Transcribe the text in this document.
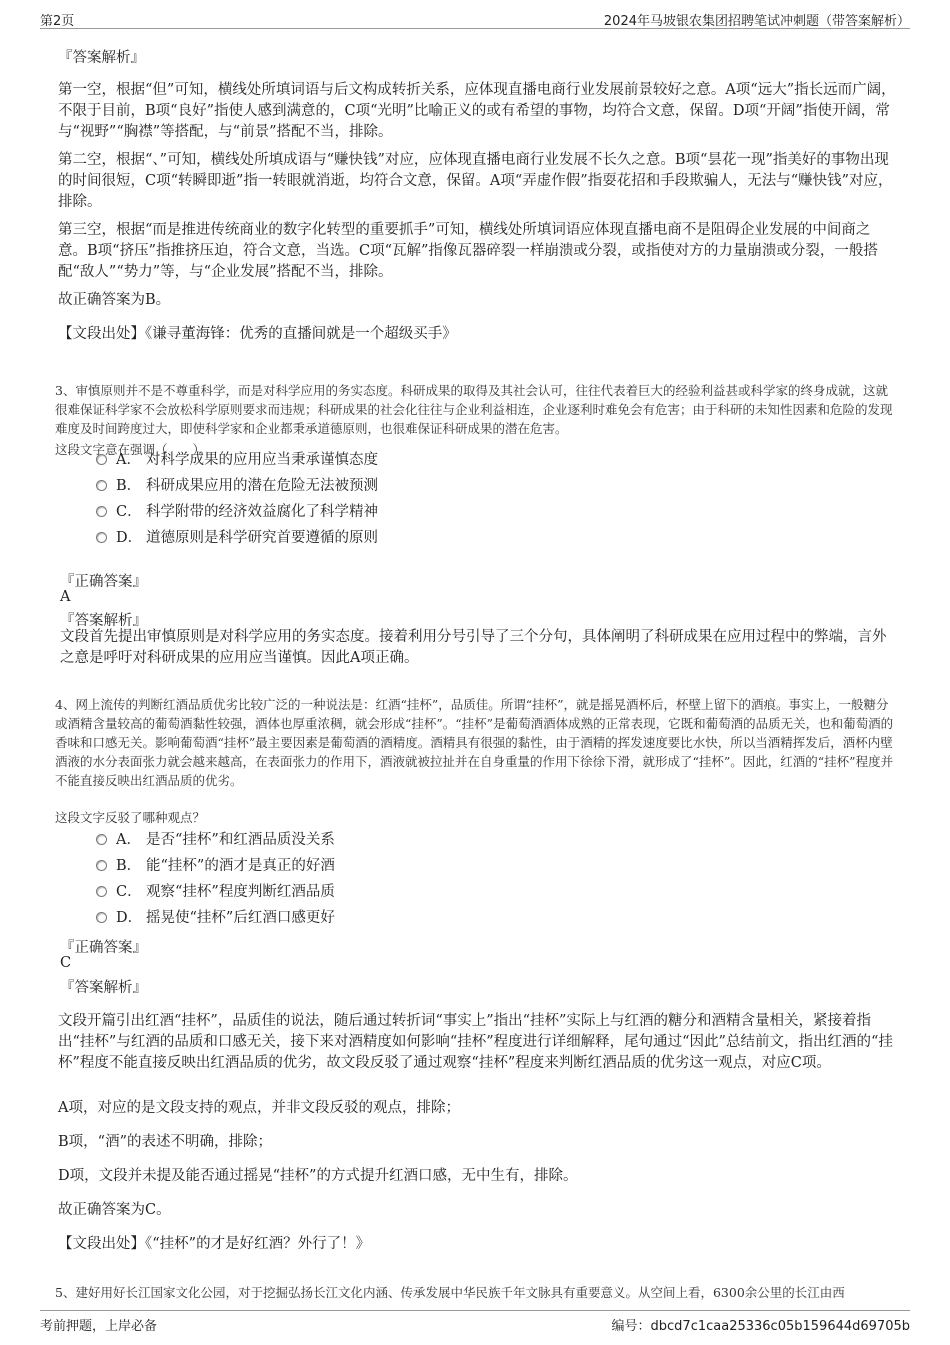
第2页	2024年马坡银农集团招聘笔试冲刺题（带答案解析）
『答案解析』

第一空，根据“但”可知，横线处所填词语与后文构成转折关系，应体现直播电商行业发展前景较好之意。A项“远大”指长远而广阔，不限于目前，B项“良好”指使人感到满意的，C项“光明”比喻正义的或有希望的事物，均符合文意，保留。D项“开阔”指使开阔，常与“视野”“胸襟”等搭配，与“前景”搭配不当，排除。

第二空，根据“、”可知，横线处所填成语与“赚快钱”对应，应体现直播电商行业发展不长久之意。B项“昙花一现”指美好的事物出现的时间很短，C项“转瞬即逝”指一转眼就消逝，均符合文意，保留。A项“弄虚作假”指耍花招和手段欺骗人，无法与“赚快钱”对应，排除。

第三空，根据“而是推进传统商业的数字化转型的重要抓手”可知，横线处所填词语应体现直播电商不是阻碍企业发展的中间商之意。B项“挤压”指推挤压迫，符合文意，当选。C项“瓦解”指像瓦器碎裂一样崩溃或分裂，或指使对方的力量崩溃或分裂，一般搭配“敌人”“势力”等，与“企业发展”搭配不当，排除。

故正确答案为B。

【文段出处】《谦寻董海锋：优秀的直播间就是一个超级买手》

3、审慎原则并不是不尊重科学，而是对科学应用的务实态度。科研成果的取得及其社会认可，往往代表着巨大的经验利益甚或科学家的终身成就，这就很难保证科学家不会放松科学原则要求而违规；科研成果的社会化往往与企业利益相连，企业逐利时难免会有危害；由于科研的未知性因素和危险的发现难度及时间跨度过大，即使科学家和企业都秉承道德原则，也很难保证科研成果的潜在危害。

这段文字意在强调（　　）。

A． 对科学成果的应用应当秉承谨慎态度
B． 科研成果应用的潜在危险无法被预测
C． 科学附带的经济效益腐化了科学精神
D． 道德原则是科学研究首要遵循的原则
『正确答案』
A
『答案解析』

文段首先提出审慎原则是对科学应用的务实态度。接着利用分号引导了三个分句，具体阐明了科研成果在应用过程中的弊端，言外之意是呼吁对科研成果的应用应当谨慎。因此A项正确。

4、网上流传的判断红酒品质优劣比较广泛的一种说法是：红酒“挂杯”，品质佳。所谓“挂杯”，就是摇晃酒杯后，杯壁上留下的酒痕。事实上，一般糖分或酒精含量较高的葡萄酒黏性较强，酒体也厚重浓稠，就会形成“挂杯”。“挂杯”是葡萄酒酒体成熟的正常表现，它既和葡萄酒的品质无关，也和葡萄酒的香味和口感无关。影响葡萄酒“挂杯”最主要因素是葡萄酒的酒精度。酒精具有很强的黏性，由于酒精的挥发速度要比水快，所以当酒精挥发后，酒杯内壁酒液的水分表面张力就会越来越高，在表面张力的作用下，酒液就被拉扯并在自身重量的作用下徐徐下滑，就形成了“挂杯”。因此，红酒的“挂杯”程度并不能直接反映出红酒品质的优劣。

这段文字反驳了哪种观点？

A． 是否“挂杯”和红酒品质没关系
B． 能“挂杯”的酒才是真正的好酒
C． 观察“挂杯”程度判断红酒品质
D． 摇晃使“挂杯”后红酒口感更好
『正确答案』
C
『答案解析』

文段开篇引出红酒“挂杯”，品质佳的说法，随后通过转折词“事实上”指出“挂杯”实际上与红酒的糖分和酒精含量相关，紧接着指出“挂杯”与红酒的品质和口感无关，接下来对酒精度如何影响“挂杯”程度进行详细解释，尾句通过“因此”总结前文，指出红酒的“挂杯”程度不能直接反映出红酒品质的优劣，故文段反驳了通过观察“挂杯”程度来判断红酒品质的优劣这一观点，对应C项。

A项，对应的是文段支持的观点，并非文段反驳的观点，排除；

B项，“酒”的表述不明确，排除；

D项，文段并未提及能否通过摇晃“挂杯”的方式提升红酒口感，无中生有，排除。

故正确答案为C。

【文段出处】《“挂杯”的才是好红酒？外行了！》

5、建好用好长江国家文化公园，对于挖掘弘扬长江文化内涵、传承发展中华民族千年文脉具有重要意义。从空间上看，6300余公里的长江由西

考前押题，上岸必备	编号：dbcd7c1caa25336c05b159644d69705b
